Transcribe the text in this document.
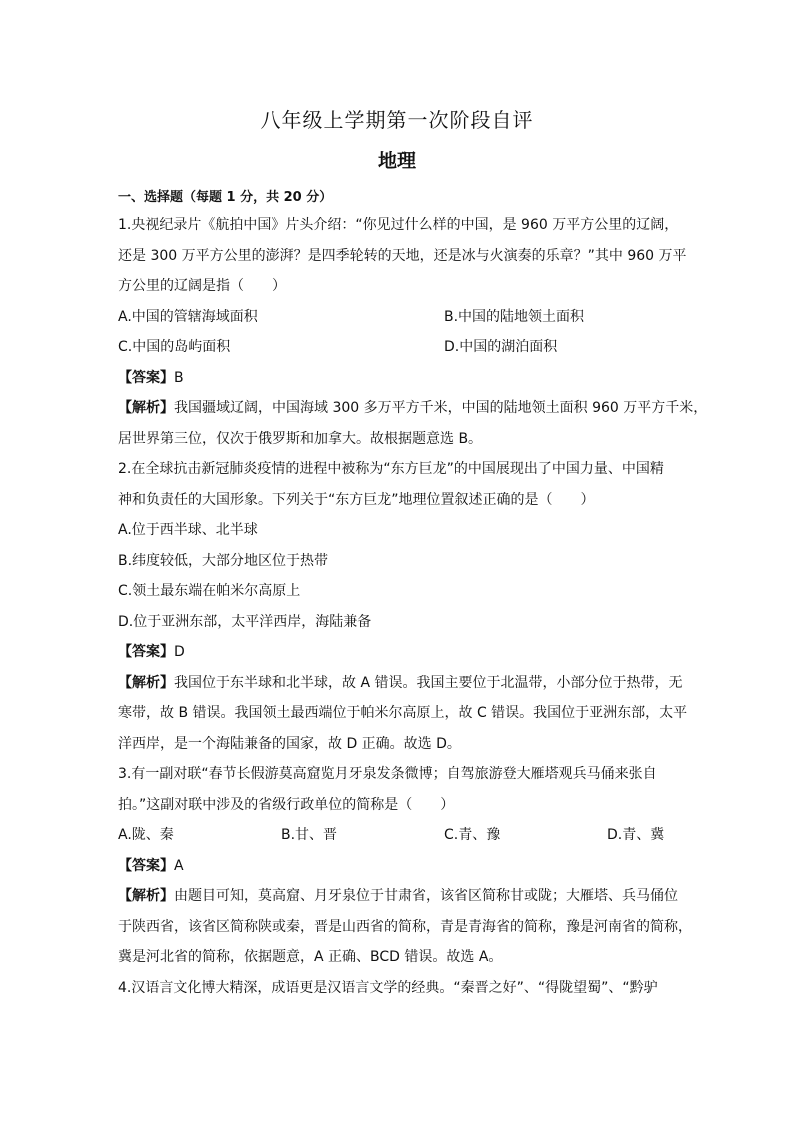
八年级上学期第一次阶段自评
地理
一、选择题（每题 1 分，共 20 分）
1.央视纪录片《航拍中国》片头介绍：“你见过什么样的中国，是 960 万平方公里的辽阔，
还是 300 万平方公里的澎湃？是四季轮转的天地，还是冰与火演奏的乐章？”其中 960 万平
方公里的辽阔是指（　　）
A.中国的管辖海域面积	B.中国的陆地领土面积
C.中国的岛屿面积	D.中国的湖泊面积
【答案】B
【解析】我国疆域辽阔，中国海域 300 多万平方千米，中国的陆地领土面积 960 万平方千米，
居世界第三位，仅次于俄罗斯和加拿大。故根据题意选 B。
2.在全球抗击新冠肺炎疫情的进程中被称为“东方巨龙”的中国展现出了中国力量、中国精
神和负责任的大国形象。下列关于“东方巨龙”地理位置叙述正确的是（　　）
A.位于西半球、北半球
B.纬度较低，大部分地区位于热带
C.领土最东端在帕米尔高原上
D.位于亚洲东部，太平洋西岸，海陆兼备
【答案】D
【解析】我国位于东半球和北半球，故 A 错误。我国主要位于北温带，小部分位于热带，无
寒带，故 B 错误。我国领土最西端位于帕米尔高原上，故 C 错误。我国位于亚洲东部，太平
洋西岸，是一个海陆兼备的国家，故 D 正确。故选 D。
3.有一副对联“春节长假游莫高窟览月牙泉发条微博；自驾旅游登大雁塔观兵马俑来张自
拍。”这副对联中涉及的省级行政单位的简称是（　　）
A.陇、秦	B.甘、晋	C.青、豫	D.青、冀
【答案】A
【解析】由题目可知，莫高窟、月牙泉位于甘肃省，该省区简称甘或陇；大雁塔、兵马俑位
于陕西省，该省区简称陕或秦，晋是山西省的简称，青是青海省的简称，豫是河南省的简称，
冀是河北省的简称，依据题意，A 正确、BCD 错误。故选 A。
4.汉语言文化博大精深，成语更是汉语言文学的经典。“秦晋之好”、“得陇望蜀”、“黔驴
